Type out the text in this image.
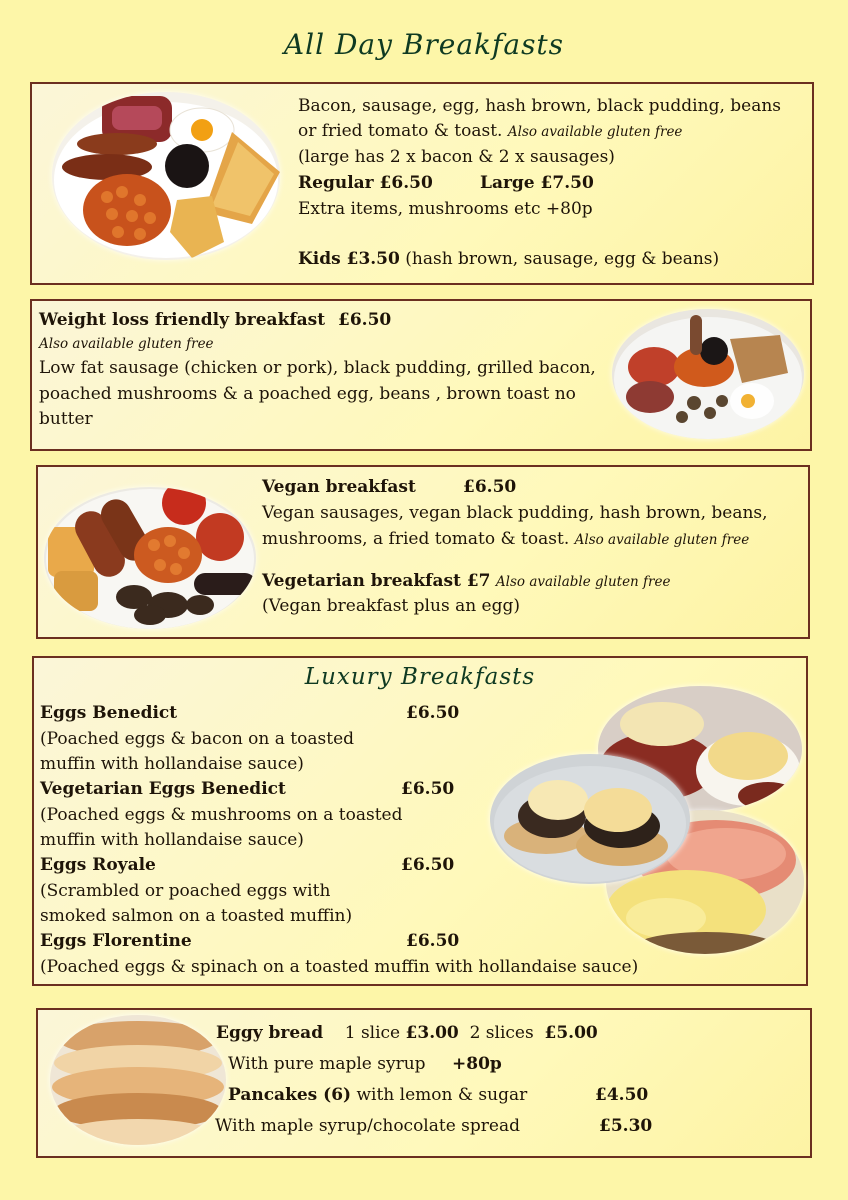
All Day Breakfasts
Bacon, sausage, egg, hash brown, black pudding, beans
or fried tomato & toast. Also available gluten free
(large has 2 x bacon & 2 x sausages)
Regular £6.50	Large £7.50
Extra items, mushrooms etc +80p
Kids £3.50 (hash brown, sausage, egg & beans)
Weight loss friendly breakfast £6.50
Also available gluten free
Low fat sausage (chicken or pork), black pudding, grilled bacon,
poached mushrooms & a poached egg, beans , brown toast no
butter
Vegan breakfast	£6.50
Vegan sausages, vegan black pudding, hash brown, beans,
mushrooms, a fried tomato & toast. Also available gluten free
Vegetarian breakfast £7 Also available gluten free
(Vegan breakfast plus an egg)
Luxury Breakfasts
Eggs Benedict	£6.50
(Poached eggs & bacon on a toasted
muffin with hollandaise sauce)
Vegetarian Eggs Benedict	£6.50
(Poached eggs & mushrooms on a toasted
muffin with hollandaise sauce)
Eggs Royale	£6.50
(Scrambled or poached eggs with
smoked salmon on a toasted muffin)
Eggs Florentine	£6.50
(Poached eggs & spinach on a toasted muffin with hollandaise sauce)
Eggy bread 1 slice £3.00 2 slices £5.00
With pure maple syrup +80p
Pancakes (6) with lemon & sugar	£4.50
With maple syrup/chocolate spread	£5.30
